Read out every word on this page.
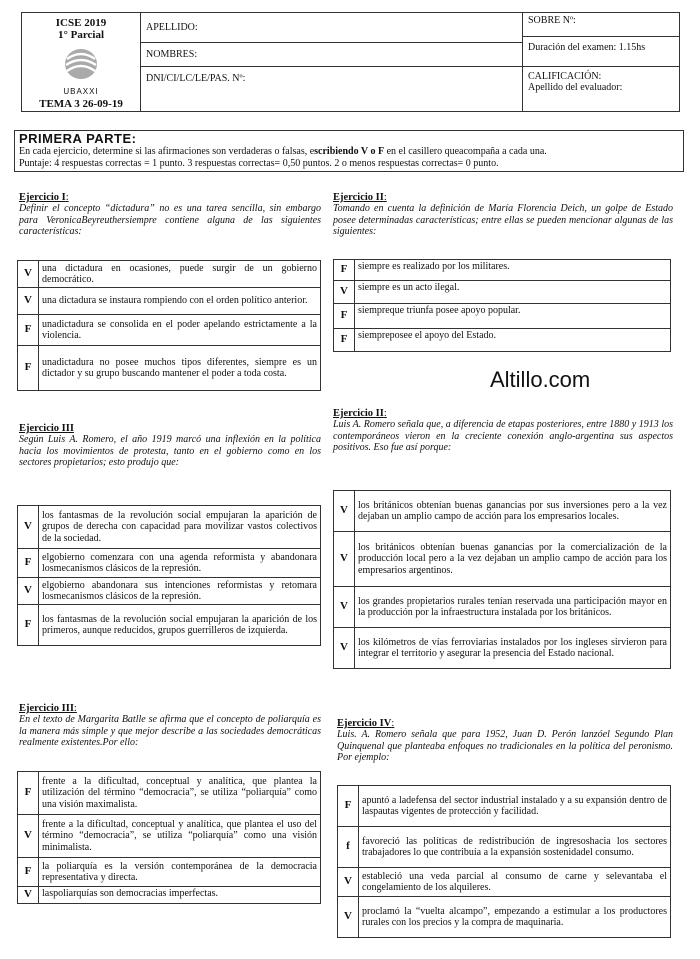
ICSE 2019
1° Parcial
UBAXXI
TEMA 3 26-09-19
APELLIDO:
NOMBRES:
DNI/CI/LC/LE/PAS. Nº:
SOBRE Nº:
Duración del examen: 1.15hs
CALIFICACIÓN:
Apellido del evaluador:
PRIMERA PARTE:
En cada ejercicio, determine si las afirmaciones son verdaderas o falsas, escribiendo V o F en el casillero queacompaña a cada una.
Puntaje: 4 respuestas correctas = 1 punto. 3 respuestas correctas= 0,50 puntos. 2 o menos respuestas correctas= 0 punto.
Altillo.com
Ejercicio I:
Definir el concepto “dictadura” no es una tarea sencilla, sin embargo para VeronicaBeyreuthersiempre contiene alguna de las siguientes características:
V	una dictadura en ocasiones, puede surgir de un gobierno democrático.
V	una dictadura se instaura rompiendo con el orden político anterior.
F	unadictadura se consolida en el poder apelando estrictamente a la violencia.
F	unadictadura no posee muchos tipos diferentes, siempre es un dictador y su grupo buscando mantener el poder a toda costa.
Ejercicio II:
Tomando en cuenta la definición de María Florencia Deich, un golpe de Estado posee determinadas características; entre ellas se pueden mencionar algunas de las siguientes:
F	siempre es realizado por los militares.
V	siempre es un acto ilegal.
F	siempreque triunfa posee apoyo popular.
F	siempreposee el apoyo del Estado.
Ejercicio III
Según Luis A. Romero, el año 1919 marcó una inflexión en la política hacia los movimientos de protesta, tanto en el gobierno como en los sectores propietarios; esto produjo que:
V	los fantasmas de la revolución social empujaran la aparición de grupos de derecha con capacidad para movilizar vastos colectivos de la sociedad.
F	elgobierno comenzara con una agenda reformista y abandonara losmecanismos clásicos de la represión.
V	elgobierno abandonara sus intenciones reformistas y retomara losmecanismos clásicos de la represión.
F	los fantasmas de la revolución social empujaran la aparición de los primeros, aunque reducidos, grupos guerrilleros de izquierda.
Ejercicio II:
Luis A. Romero señala que, a diferencia de etapas posteriores, entre 1880 y 1913 los contemporáneos vieron en la creciente conexión anglo-argentina sus aspectos positivos. Eso fue así porque:
V	los británicos obtenían buenas ganancias por sus inversiones pero a la vez dejaban un amplio campo de acción para los empresarios locales.
V	los británicos obtenían buenas ganancias por la comercialización de la producción local pero a la vez dejaban un amplio campo de acción para los empresarios argentinos.
V	los grandes propietarios rurales tenían reservada una participación mayor en la producción por la infraestructura instalada por los británicos.
V	los kilómetros de vías ferroviarias instalados por los ingleses sirvieron para integrar el territorio y asegurar la presencia del Estado nacional.
Ejercicio III:
En el texto de Margarita Batlle se afirma que el concepto de poliarquía es la manera más simple y que mejor describe a las sociedades democráticas realmente existentes.Por ello:
F	frente a la dificultad, conceptual y analítica, que plantea la utilización del término “democracia”, se utiliza “poliarquía” como una visión maximalista.
V	frente a la dificultad, conceptual y analítica, que plantea el uso del término “democracia”, se utiliza “poliarquía” como una visión minimalista.
F	la poliarquía es la versión contemporánea de la democracia representativa y directa.
V	laspoliarquías son democracias imperfectas.
Ejercicio IV:
Luis. A. Romero señala que para 1952, Juan D. Perón lanzóel Segundo Plan Quinquenal que planteaba enfoques no tradicionales en la política del peronismo. Por ejemplo:
F	apuntó a ladefensa del sector industrial instalado y a su expansión dentro de laspautas vigentes de protección y facilidad.
f	favoreció las políticas de redistribución de ingresoshacia los sectores trabajadores lo que contribuía a la expansión sostenidadel consumo.
V	estableció una veda parcial al consumo de carne y selevantaba el congelamiento de los alquileres.
V	proclamó la “vuelta alcampo”, empezando a estimular a los productores rurales con los precios y la compra de maquinaria.
